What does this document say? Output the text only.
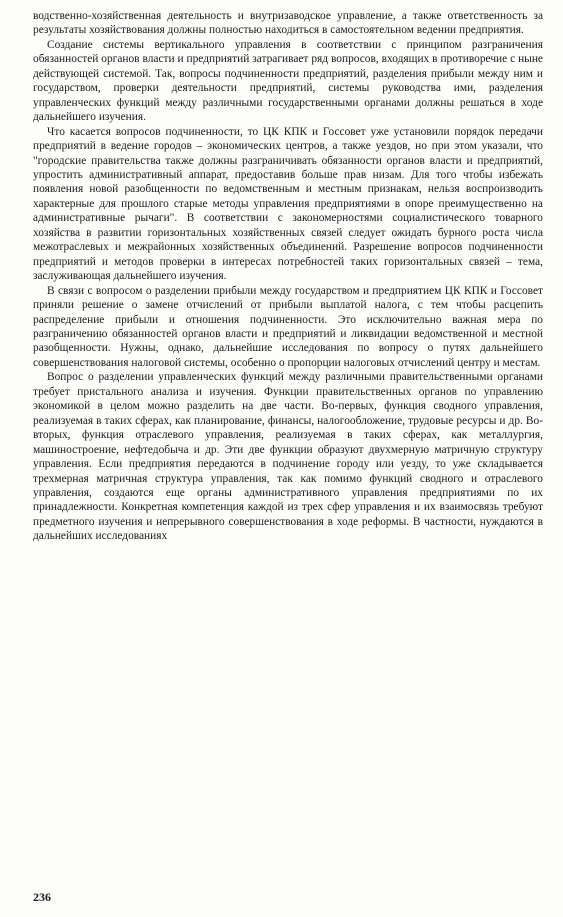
водственно-хозяйственная деятельность и внутризаводское управление, а также ответственность за результаты хозяйствования должны полностью находиться в самостоятельном ведении предприятия.

Создание системы вертикального управления в соответствии с принципом разграничения обязанностей органов власти и предприятий затрагивает ряд вопросов, входящих в противоречие с ныне действующей системой. Так, вопросы подчиненности предприятий, разделения прибыли между ним и государством, проверки деятельности предприятий, системы руководства ими, разделения управленческих функций между различными государственными органами должны решаться в ходе дальнейшего изучения.

Что касается вопросов подчиненности, то ЦК КПК и Госсовет уже установили порядок передачи предприятий в ведение городов – экономических центров, а также уездов, но при этом указали, что "городские правительства также должны разграничивать обязанности органов власти и предприятий, упростить административный аппарат, предоставив больше прав низам. Для того чтобы избежать появления новой разобщенности по ведомственным и местным признакам, нельзя воспроизводить характерные для прошлого старые методы управления предприятиями в опоре преимущественно на административные рычаги". В соответствии с закономерностями социалистического товарного хозяйства в развитии горизонтальных хозяйственных связей следует ожидать бурного роста числа межотраслевых и межрайонных хозяйственных объединений. Разрешение вопросов подчиненности предприятий и методов проверки в интересах потребностей таких горизонтальных связей – тема, заслуживающая дальнейшего изучения.

В связи с вопросом о разделении прибыли между государством и предприятием ЦК КПК и Госсовет приняли решение о замене отчислений от прибыли выплатой налога, с тем чтобы расцепить распределение прибыли и отношения подчиненности. Это исключительно важная мера по разграничению обязанностей органов власти и предприятий и ликвидации ведомственной и местной разобщенности. Нужны, однако, дальнейшие исследования по вопросу о путях дальнейшего совершенствования налоговой системы, особенно о пропорции налоговых отчислений центру и местам.

Вопрос о разделении управленческих функций между различными правительственными органами требует пристального анализа и изучения. Функции правительственных органов по управлению экономикой в целом можно разделить на две части. Во-первых, функция сводного управления, реализуемая в таких сферах, как планирование, финансы, налогообложение, трудовые ресурсы и др. Во-вторых, функция отраслевого управления, реализуемая в таких сферах, как металлургия, машиностроение, нефтедобыча и др. Эти две функции образуют двухмерную матричную структуру управления. Если предприятия передаются в подчинение городу или уезду, то уже складывается трехмерная матричная структура управления, так как помимо функций сводного и отраслевого управления, создаются еще органы административного управления предприятиями по их принадлежности. Конкретная компетенция каждой из трех сфер управления и их взаимосвязь требуют предметного изучения и непрерывного совершенствования в ходе реформы. В частности, нуждаются в дальнейших исследованиях

236
